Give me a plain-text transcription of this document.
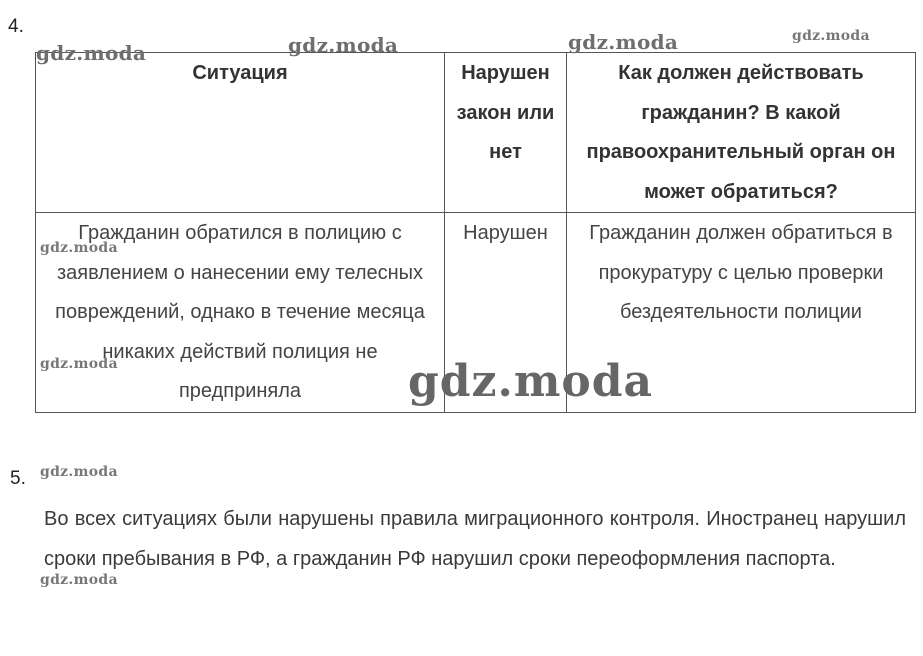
4.
Ситуация	Нарушен закон или нет	Как должен действовать гражданин? В какой правоохранительный орган он может обратиться?
Гражданин обратился в полицию с заявлением о нанесении ему телесных повреждений, однако в течение месяца никаких действий полиция не предприняла	Нарушен	Гражданин должен обратиться в прокуратуру с целью проверки бездеятельности полиции
5.
Во всех ситуациях были нарушены правила миграционного контроля. Иностранец нарушил сроки пребывания в РФ, а гражданин РФ нарушил сроки переоформления паспорта.
gdz.moda	gdz.moda	gdz.moda	gdz.moda
gdz.moda
gdz.moda	gdz.moda
gdz.moda
gdz.moda
